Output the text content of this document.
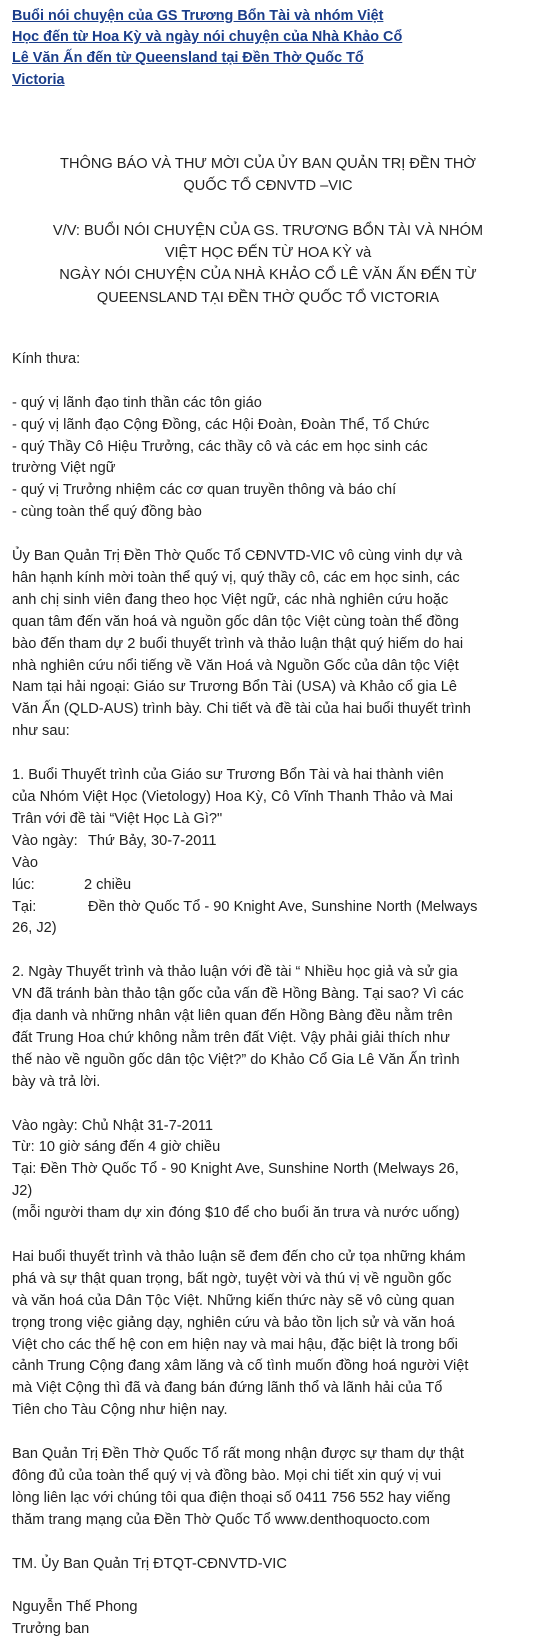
Buổi nói chuyện của GS Trương Bổn Tài và nhóm Việt
Học đến từ Hoa Kỳ và ngày nói chuyện của Nhà Khảo Cổ
Lê Văn Ấn đến từ Queensland tại Đền Thờ Quốc Tổ
Victoria
THÔNG BÁO VÀ THƯ MỜI CỦA ỦY BAN QUẢN TRỊ ĐỀN THỜ
QUỐC TỔ CĐNVTD –VIC
V/V: BUỔI NÓI CHUYỆN CỦA GS. TRƯƠNG BỔN TÀI VÀ NHÓM
VIỆT HỌC ĐẾN TỪ HOA KỲ và
NGÀY NÓI CHUYỆN CỦA NHÀ KHẢO CỔ LÊ VĂN ẤN ĐẾN TỪ
QUEENSLAND TẠI ĐỀN THỜ QUỐC TỔ VICTORIA

Kính thưa:

- quý vị lãnh đạo tinh thần các tôn giáo
- quý vị lãnh đạo Cộng Đồng, các Hội Đoàn, Đoàn Thể, Tổ Chức
- quý Thầy Cô Hiệu Trưởng, các thầy cô và các em học sinh các
trường Việt ngữ
- quý vị Trưởng nhiệm các cơ quan truyền thông và báo chí
- cùng toàn thể quý đồng bào

Ủy Ban Quản Trị Đền Thờ Quốc Tổ CĐNVTD-VIC vô cùng vinh dự và
hân hạnh kính mời toàn thể quý vị, quý thầy cô, các em học sinh, các
anh chị sinh viên đang theo học Việt ngữ, các nhà nghiên cứu hoặc
quan tâm đến văn hoá và nguồn gốc dân tộc Việt cùng toàn thể đồng
bào đến tham dự 2 buổi thuyết trình và thảo luận thật quý hiếm do hai
nhà nghiên cứu nổi tiếng về Văn Hoá và Nguồn Gốc của dân tộc Việt
Nam tại hải ngoại: Giáo sư Trương Bổn Tài (USA) và Khảo cổ gia Lê
Văn Ấn (QLD-AUS) trình bày. Chi tiết và đề tài của hai buổi thuyết trình
như sau:

1. Buổi Thuyết trình của Giáo sư Trương Bổn Tài và hai thành viên
của Nhóm Việt Học (Vietology) Hoa Kỳ, Cô Vĩnh Thanh Thảo và Mai
Trân với đề tài “Việt Học Là Gì?"
Vào ngày: Thứ Bảy, 30-7-2011
Vào lúc:	2 chiều
Tại:	Đền thờ Quốc Tổ - 90 Knight Ave, Sunshine North (Melways
26, J2)

2. Ngày Thuyết trình và thảo luận với đề tài “ Nhiều học giả và sử gia
VN đã tránh bàn thảo tận gốc của vấn đề Hồng Bàng. Tại sao? Vì các
địa danh và những nhân vật liên quan đến Hồng Bàng đều nằm trên
đất Trung Hoa chứ không nằm trên đất Việt. Vậy phải giải thích như
thế nào về nguồn gốc dân tộc Việt?” do Khảo Cổ Gia Lê Văn Ấn trình
bày và trả lời.

Vào ngày: Chủ Nhật 31-7-2011
Từ: 10 giờ sáng đến 4 giờ chiều
Tại: Đền Thờ Quốc Tổ - 90 Knight Ave, Sunshine North (Melways 26,
J2)
(mỗi người tham dự xin đóng $10 để cho buổi ăn trưa và nước uống)

Hai buổi thuyết trình và thảo luận sẽ đem đến cho cử tọa những khám
phá và sự thật quan trọng, bất ngờ, tuyệt vời và thú vị về nguồn gốc
và văn hoá của Dân Tộc Việt. Những kiến thức này sẽ vô cùng quan
trọng trong việc giảng dạy, nghiên cứu và bảo tồn lịch sử và văn hoá
Việt cho các thế hệ con em hiện nay và mai hậu, đặc biệt là trong bối
cảnh Trung Cộng đang xâm lăng và cố tình muốn đồng hoá người Việt
mà Việt Cộng thì đã và đang bán đứng lãnh thổ và lãnh hải của Tổ
Tiên cho Tàu Cộng như hiện nay.

Ban Quản Trị Đền Thờ Quốc Tổ rất mong nhận được sự tham dự thật
đông đủ của toàn thể quý vị và đồng bào. Mọi chi tiết xin quý vị vui
lòng liên lạc với chúng tôi qua điện thoại số 0411 756 552 hay viếng
thăm trang mạng của Đền Thờ Quốc Tổ www.denthoquocto.com

TM. Ủy Ban Quản Trị ĐTQT-CĐNVTD-VIC

Nguyễn Thế Phong
Trưởng ban
